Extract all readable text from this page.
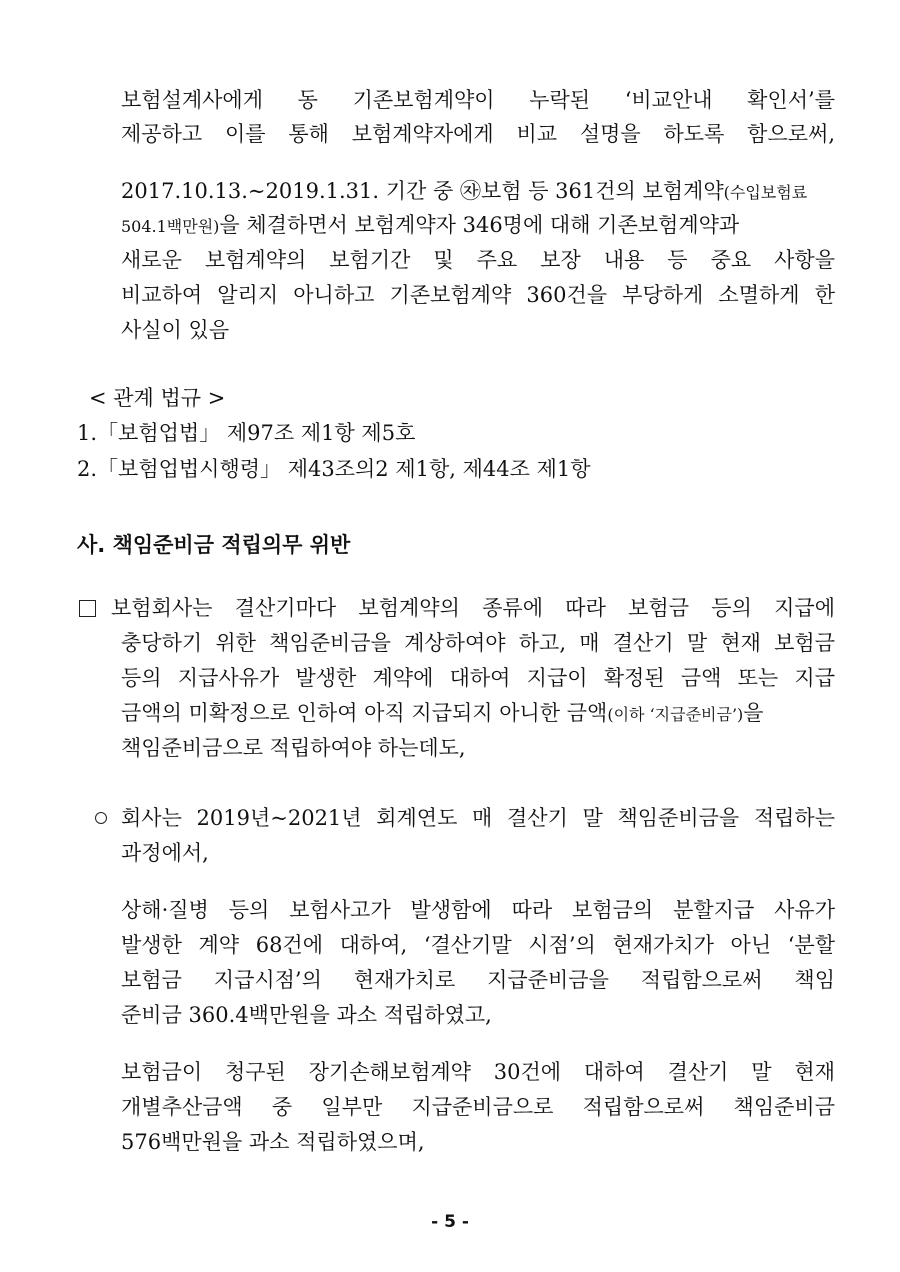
보험설계사에게 동 기존보험계약이 누락된 ‘비교안내 확인서’를
제공하고 이를 통해 보험계약자에게 비교 설명을 하도록 함으로써,
2017.10.13.∼2019.1.31. 기간 중 ㉶보험 등 361건의 보험계약(수입보험료
504.1백만원)을 체결하면서 보험계약자 346명에 대해 기존보험계약과
새로운 보험계약의 보험기간 및 주요 보장 내용 등 중요 사항을
비교하여 알리지 아니하고 기존보험계약 360건을 부당하게 소멸하게 한
사실이 있음
< 관계 법규 >
1.「보험업법」 제97조 제1항 제5호
2.「보험업법시행령」 제43조의2 제1항, 제44조 제1항
사. 책임준비금 적립의무 위반
보험회사는 결산기마다 보험계약의 종류에 따라 보험금 등의 지급에
충당하기 위한 책임준비금을 계상하여야 하고, 매 결산기 말 현재 보험금
등의 지급사유가 발생한 계약에 대하여 지급이 확정된 금액 또는 지급
금액의 미확정으로 인하여 아직 지급되지 아니한 금액(이하 ‘지급준비금’)을
책임준비금으로 적립하여야 하는데도,
회사는 2019년~2021년 회계연도 매 결산기 말 책임준비금을 적립하는
과정에서,
상해·질병 등의 보험사고가 발생함에 따라 보험금의 분할지급 사유가
발생한 계약 68건에 대하여, ‘결산기말 시점’의 현재가치가 아닌 ‘분할
보험금 지급시점’의 현재가치로 지급준비금을 적립함으로써 책임
준비금 360.4백만원을 과소 적립하였고,
보험금이 청구된 장기손해보험계약 30건에 대하여 결산기 말 현재
개별추산금액 중 일부만 지급준비금으로 적립함으로써 책임준비금
576백만원을 과소 적립하였으며,
- 5 -
